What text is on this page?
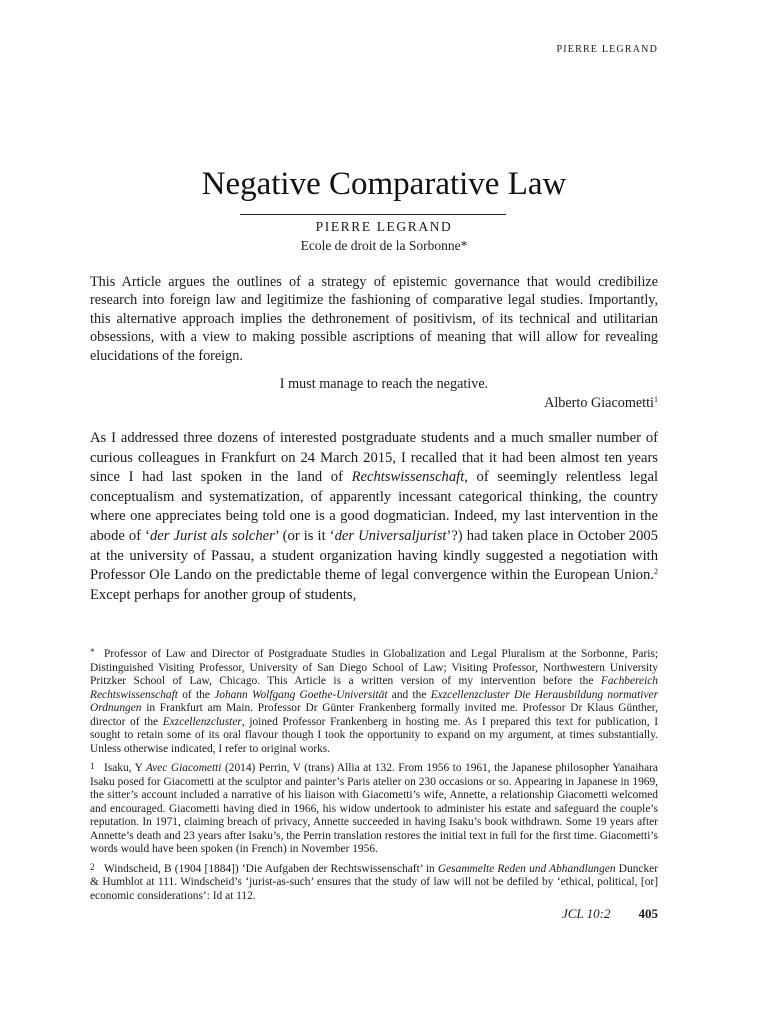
PIERRE LEGRAND
Negative Comparative Law
PIERRE LEGRAND
Ecole de droit de la Sorbonne*

This Article argues the outlines of a strategy of epistemic governance that would credibilize research into foreign law and legitimize the fashioning of comparative legal studies. Importantly, this alternative approach implies the dethronement of positivism, of its technical and utilitarian obsessions, with a view to making possible ascriptions of meaning that will allow for revealing elucidations of the foreign.

I must manage to reach the negative.
Alberto Giacometti$^1$

As I addressed three dozens of interested postgraduate students and a much smaller number of curious colleagues in Frankfurt on 24 March 2015, I recalled that it had been almost ten years since I had last spoken in the land of Rechtswissenschaft, of seemingly relentless legal conceptualism and systematization, of apparently incessant categorical thinking, the country where one appreciates being told one is a good dogmatician. Indeed, my last intervention in the abode of ‘der Jurist als solcher’ (or is it ‘der Universaljurist’?) had taken place in October 2005 at the university of Passau, a student organization having kindly suggested a negotiation with Professor Ole Lando on the predictable theme of legal convergence within the European Union.$^2$ Except perhaps for another group of students,

* Professor of Law and Director of Postgraduate Studies in Globalization and Legal Pluralism at the Sorbonne, Paris; Distinguished Visiting Professor, University of San Diego School of Law; Visiting Professor, Northwestern University Pritzker School of Law, Chicago. This Article is a written version of my intervention before the Fachbereich Rechtswissenschaft of the Johann Wolfgang Goethe-Universität and the Exzcellenzcluster Die Herausbildung normativer Ordnungen in Frankfurt am Main. Professor Dr Günter Frankenberg formally invited me. Professor Dr Klaus Günther, director of the Exzcellenzcluster, joined Professor Frankenberg in hosting me. As I prepared this text for publication, I sought to retain some of its oral flavour though I took the opportunity to expand on my argument, at times substantially. Unless otherwise indicated, I refer to original works.

1 Isaku, Y Avec Giacometti (2014) Perrin, V (trans) Allia at 132. From 1956 to 1961, the Japanese philosopher Yanaihara Isaku posed for Giacometti at the sculptor and painter’s Paris atelier on 230 occasions or so. Appearing in Japanese in 1969, the sitter’s account included a narrative of his liaison with Giacometti’s wife, Annette, a relationship Giacometti welcomed and encouraged. Giacometti having died in 1966, his widow undertook to administer his estate and safeguard the couple’s reputation. In 1971, claiming breach of privacy, Annette succeeded in having Isaku’s book withdrawn. Some 19 years after Annette’s death and 23 years after Isaku’s, the Perrin translation restores the initial text in full for the first time. Giacometti’s words would have been spoken (in French) in November 1956.

2 Windscheid, B (1904 [1884]) ‘Die Aufgaben der Rechtswissenschaft’ in Gesammelte Reden und Abhandlungen Duncker & Humblot at 111. Windscheid’s ‘jurist-as-such’ ensures that the study of law will not be defiled by ‘ethical, political, [or] economic considerations’: Id at 112.

JCL 10:2 405
